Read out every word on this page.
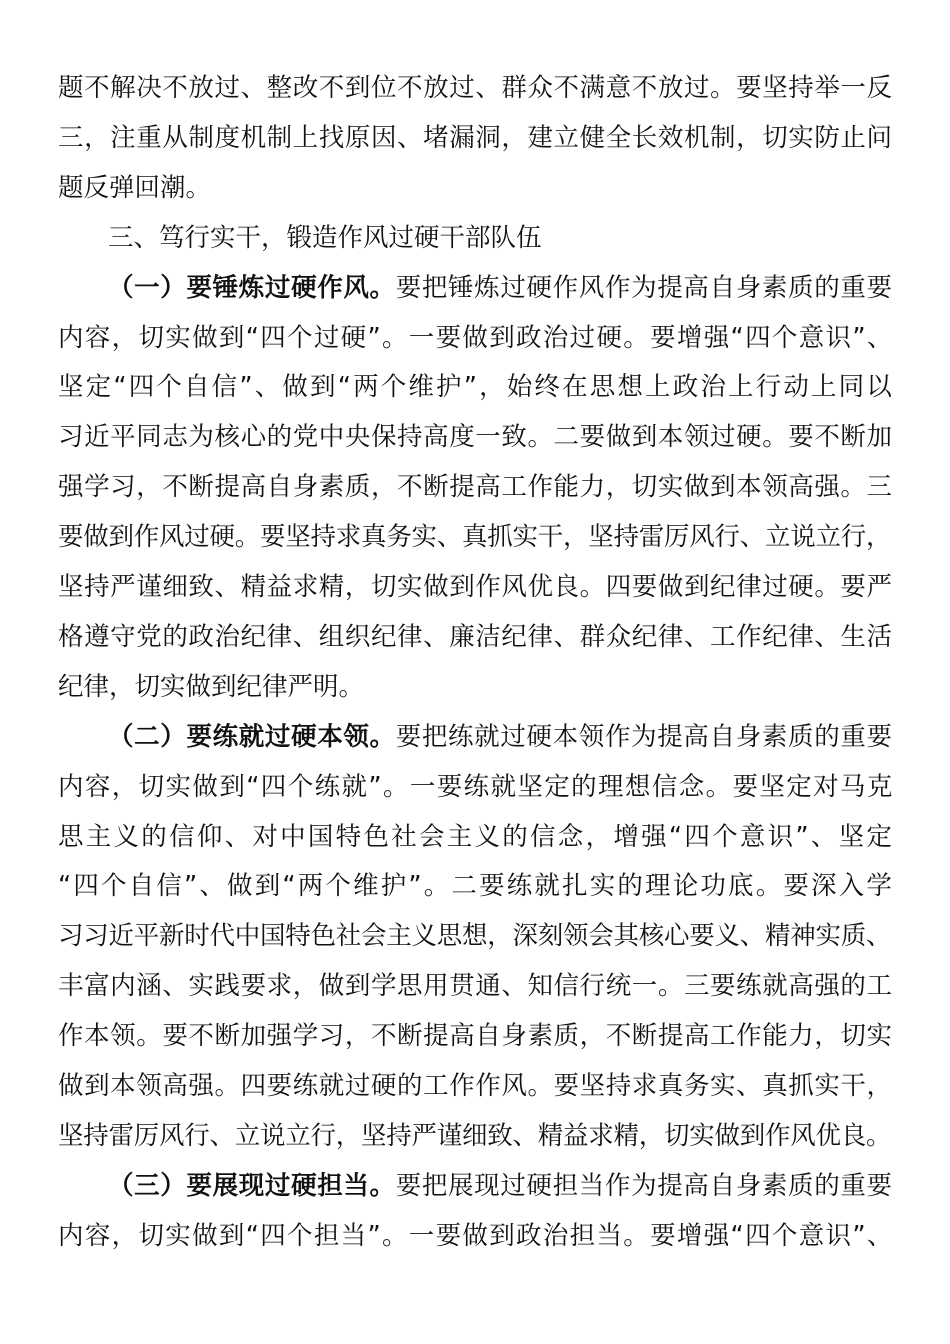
题不解决不放过、整改不到位不放过、群众不满意不放过。要坚持举一反
三，注重从制度机制上找原因、堵漏洞，建立健全长效机制，切实防止问
题反弹回潮。
三、笃行实干，锻造作风过硬干部队伍
（一）要锤炼过硬作风。要把锤炼过硬作风作为提高自身素质的重要
内容，切实做到“四个过硬”。一要做到政治过硬。要增强“四个意识”、
坚定“四个自信”、做到“两个维护”，始终在思想上政治上行动上同以
习近平同志为核心的党中央保持高度一致。二要做到本领过硬。要不断加
强学习，不断提高自身素质，不断提高工作能力，切实做到本领高强。三
要做到作风过硬。要坚持求真务实、真抓实干，坚持雷厉风行、立说立行，
坚持严谨细致、精益求精，切实做到作风优良。四要做到纪律过硬。要严
格遵守党的政治纪律、组织纪律、廉洁纪律、群众纪律、工作纪律、生活
纪律，切实做到纪律严明。
（二）要练就过硬本领。要把练就过硬本领作为提高自身素质的重要
内容，切实做到“四个练就”。一要练就坚定的理想信念。要坚定对马克
思主义的信仰、对中国特色社会主义的信念，增强“四个意识”、坚定
“四个自信”、做到“两个维护”。二要练就扎实的理论功底。要深入学
习习近平新时代中国特色社会主义思想，深刻领会其核心要义、精神实质、
丰富内涵、实践要求，做到学思用贯通、知信行统一。三要练就高强的工
作本领。要不断加强学习，不断提高自身素质，不断提高工作能力，切实
做到本领高强。四要练就过硬的工作作风。要坚持求真务实、真抓实干，
坚持雷厉风行、立说立行，坚持严谨细致、精益求精，切实做到作风优良。
（三）要展现过硬担当。要把展现过硬担当作为提高自身素质的重要
内容，切实做到“四个担当”。一要做到政治担当。要增强“四个意识”、
